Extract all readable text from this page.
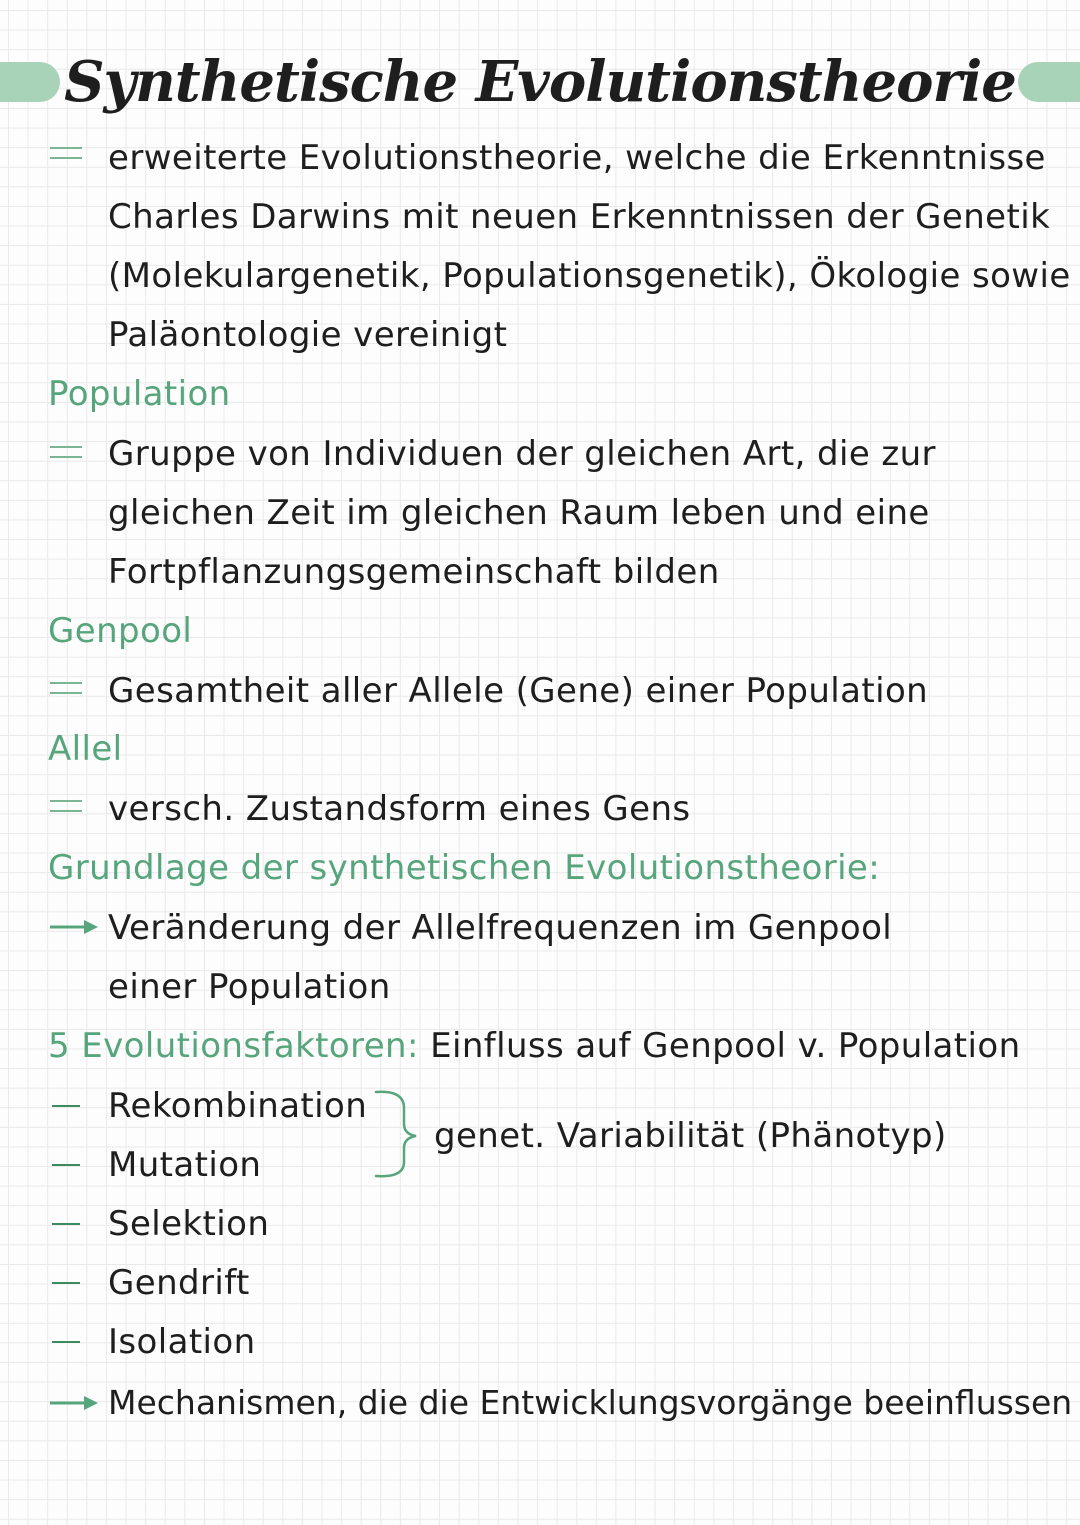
Synthetische Evolutionstheorie
erweiterte Evolutionstheorie, welche die Erkenntnisse
Charles Darwins mit neuen Erkenntnissen der Genetik
(Molekulargenetik, Populationsgenetik), Ökologie sowie
Paläontologie vereinigt
Population
Gruppe von Individuen der gleichen Art, die zur
gleichen Zeit im gleichen Raum leben und eine
Fortpflanzungsgemeinschaft bilden
Genpool
Gesamtheit aller Allele (Gene) einer Population
Allel
versch. Zustandsform eines Gens
Grundlage der synthetischen Evolutionstheorie:
Veränderung der Allelfrequenzen im Genpool
einer Population
5 Evolutionsfaktoren: Einfluss auf Genpool v. Population
Rekombination
Mutation
Selektion
Gendrift
Isolation
genet. Variabilität (Phänotyp)
Mechanismen, die die Entwicklungsvorgänge beeinflussen
